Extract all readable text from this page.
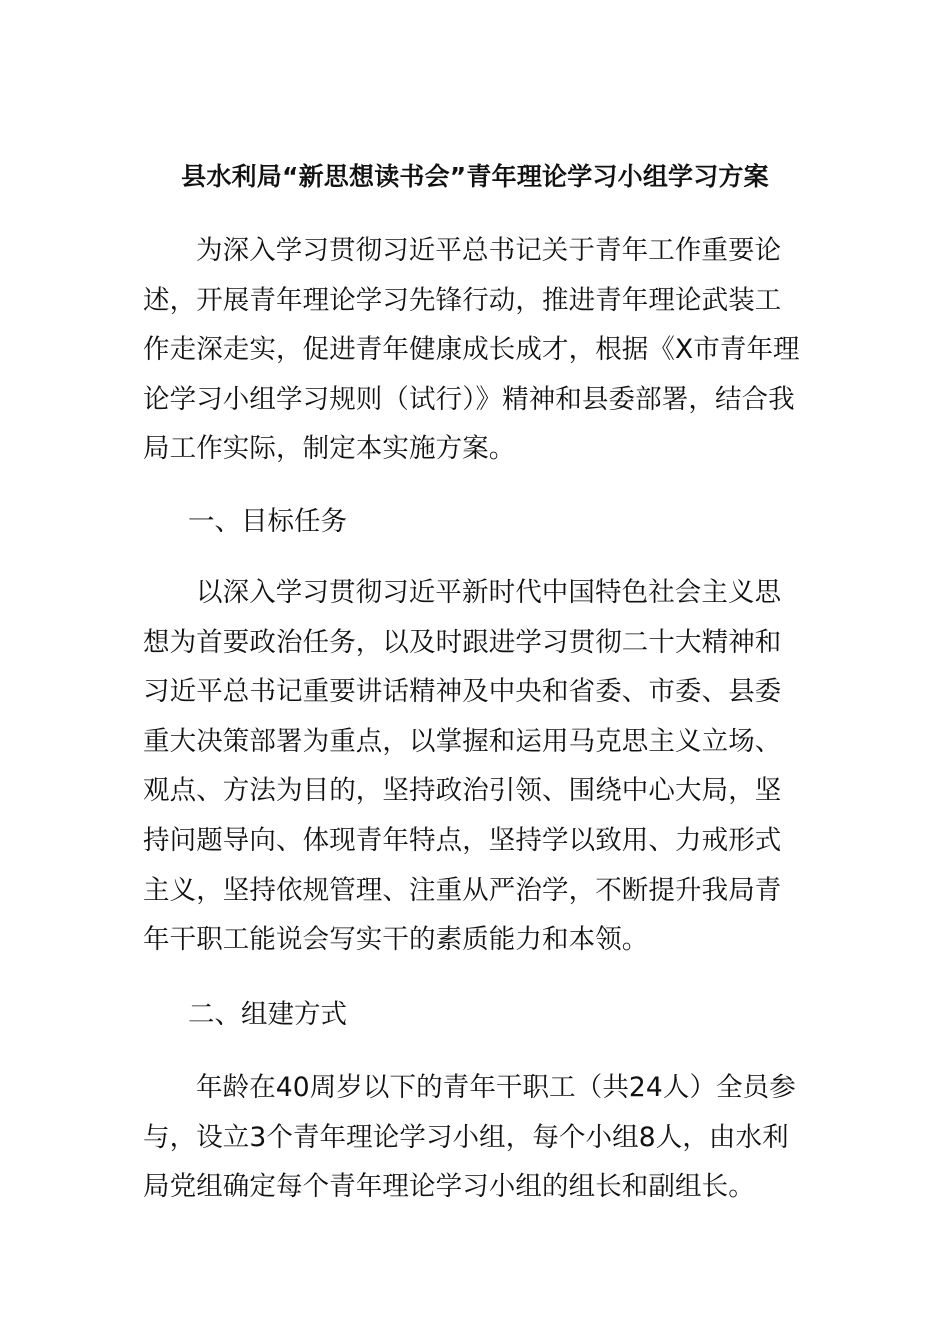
县水利局“新思想读书会”青年理论学习小组学习方案

为深入学习贯彻习近平总书记关于青年工作重要论述，开展青年理论学习先锋行动，推进青年理论武装工作走深走实，促进青年健康成长成才，根据《X市青年理论学习小组学习规则（试行）》精神和县委部署，结合我局工作实际，制定本实施方案。

一、目标任务

以深入学习贯彻习近平新时代中国特色社会主义思想为首要政治任务，以及时跟进学习贯彻二十大精神和习近平总书记重要讲话精神及中央和省委、市委、县委重大决策部署为重点，以掌握和运用马克思主义立场、观点、方法为目的，坚持政治引领、围绕中心大局，坚持问题导向、体现青年特点，坚持学以致用、力戒形式主义，坚持依规管理、注重从严治学，不断提升我局青年干职工能说会写实干的素质能力和本领。

二、组建方式

年龄在40周岁以下的青年干职工（共24人）全员参与，设立3个青年理论学习小组，每个小组8人，由水利局党组确定每个青年理论学习小组的组长和副组长。
